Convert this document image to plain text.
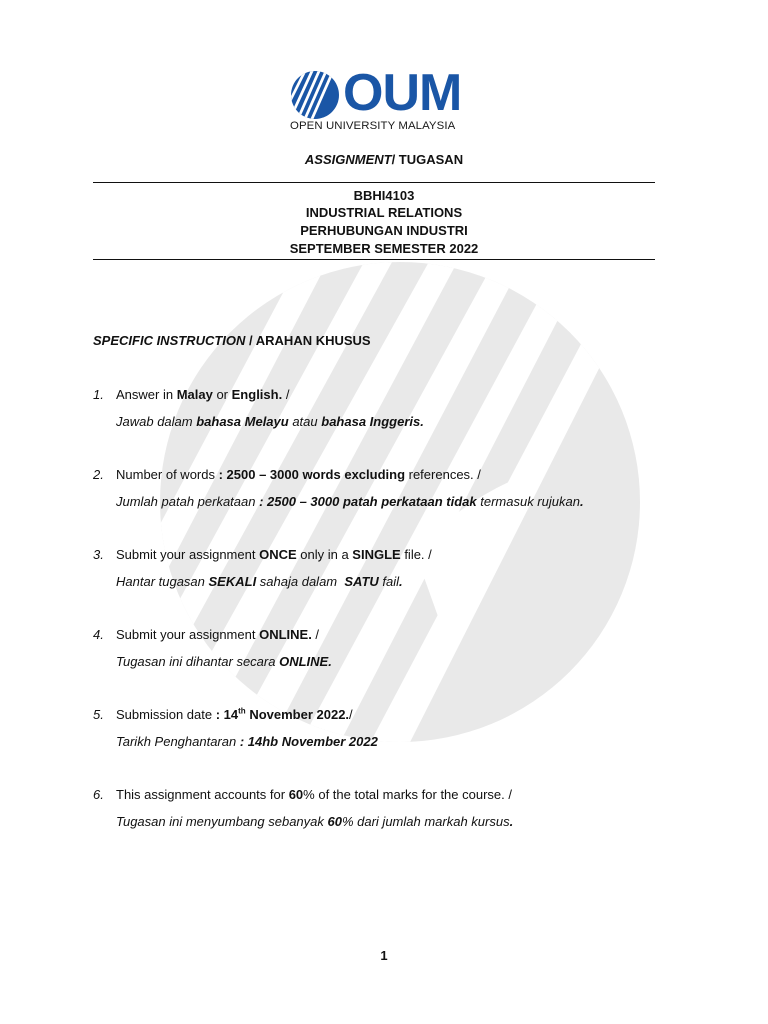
OUM
OPEN UNIVERSITY MALAYSIA
ASSIGNMENT/ TUGASAN
BBHI4103
INDUSTRIAL RELATIONS
PERHUBUNGAN INDUSTRI
SEPTEMBER SEMESTER 2022
SPECIFIC INSTRUCTION / ARAHAN KHUSUS
1. Answer in Malay or English. /
Jawab dalam bahasa Melayu atau bahasa Inggeris.
2. Number of words : 2500 – 3000 words excluding references. /
Jumlah patah perkataan : 2500 – 3000 patah perkataan tidak termasuk rujukan.
3. Submit your assignment ONCE only in a SINGLE file. /
Hantar tugasan SEKALI sahaja dalam  SATU fail.
4. Submit your assignment ONLINE. /
Tugasan ini dihantar secara ONLINE.
5. Submission date : 14th November 2022./
Tarikh Penghantaran : 14hb November 2022
6. This assignment accounts for 60% of the total marks for the course. /
Tugasan ini menyumbang sebanyak 60% dari jumlah markah kursus.
1
